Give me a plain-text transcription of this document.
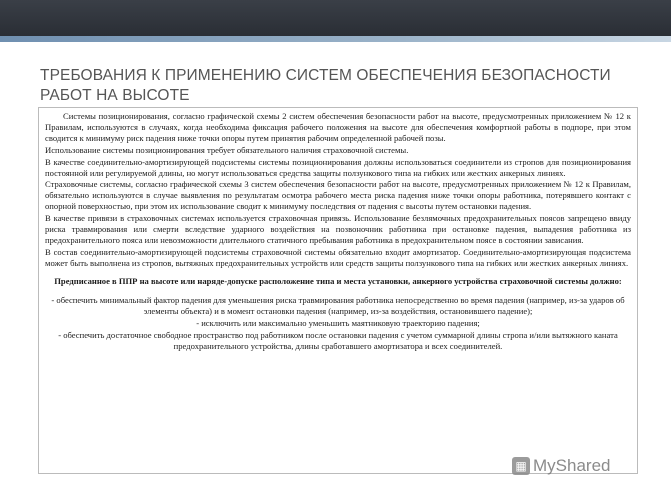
ТРЕБОВАНИЯ К ПРИМЕНЕНИЮ СИСТЕМ ОБЕСПЕЧЕНИЯ БЕЗОПАСНОСТИ
РАБОТ НА ВЫСОТЕ

Системы позиционирования, согласно графической схемы 2 систем обеспечения безопасности работ на высоте, предусмотренных приложением № 12 к Правилам, используются в случаях, когда необходима фиксация рабочего положения на высоте для обеспечения комфортной работы в подпоре, при этом сводится к минимуму риск падения ниже точки опоры путем принятия рабочим определенной рабочей позы.

Использование системы позиционирования требует обязательного наличия страховочной системы.

В качестве соединительно-амортизирующей подсистемы системы позиционирования должны использоваться соединители из стропов для позиционирования постоянной или регулируемой длины, но могут использоваться средства защиты ползункового типа на гибких или жестких анкерных линиях.

Страховочные системы, согласно графической схемы 3 систем обеспечения безопасности работ на высоте, предусмотренных приложением № 12 к Правилам, обязательно используются в случае выявления по результатам осмотра рабочего места риска падения ниже точки опоры работника, потерявшего контакт с опорной поверхностью, при этом их использование сводит к минимуму последствия от падения с высоты путем остановки падения.

В качестве привязи в страховочных системах используется страховочная привязь. Использование безлямочных предохранительных поясов запрещено ввиду риска травмирования или смерти вследствие ударного воздействия на позвоночник работника при остановке падения, выпадения работника из предохранительного пояса или невозможности длительного статичного пребывания работника в предохранительном поясе в состоянии зависания.

В состав соединительно-амортизирующей подсистемы страховочной системы обязательно входит амортизатор. Соединительно-амортизирующая подсистема может быть выполнена из стропов, вытяжных предохранительных устройств или средств защиты ползункового типа на гибких или жестких анкерных линиях.

Предписанное в ППР на высоте или наряде-допуске расположение типа и места установки, анкерного устройства страховочной системы должно:

- обеспечить минимальный фактор падения для уменьшения риска травмирования работника непосредственно во время падения (например, из-за ударов об элементы объекта) и в момент остановки падения (например, из-за воздействия, остановившего падение);

- исключить или максимально уменьшить маятниковую траекторию падения;

- обеспечить достаточное свободное пространство под работником после остановки падения с учетом суммарной длины стропа и/или вытяжного каната предохранительного устройства, длины сработавшего амортизатора и всех соединителей.

▦ MyShared
